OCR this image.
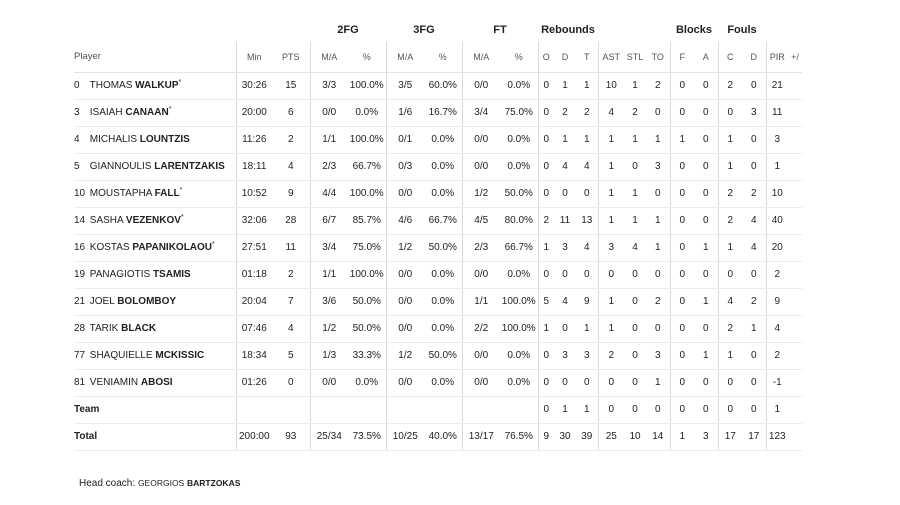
			2FG		3FG		FT		Rebounds						Blocks		Fouls			
Player	Min	PTS	M/A	%	M/A	%	M/A	%	O	D	T	AST	STL	TO	F	A	C	D	PIR	+/
0 THOMAS WALKUP*	30:26	15	3/3	100.0%	3/5	60.0%	0/0	0.0%	0	1	1	10	1	2	0	0	2	0	21	
3 ISAIAH CANAAN*	20:00	6	0/0	0.0%	1/6	16.7%	3/4	75.0%	0	2	2	4	2	0	0	0	0	3	11	
4 MICHALIS LOUNTZIS	11:26	2	1/1	100.0%	0/1	0.0%	0/0	0.0%	0	1	1	1	1	1	1	0	1	0	3	
5 GIANNOULIS LARENTZAKIS	18:11	4	2/3	66.7%	0/3	0.0%	0/0	0.0%	0	4	4	1	0	3	0	0	1	0	1	
10 MOUSTAPHA FALL*	10:52	9	4/4	100.0%	0/0	0.0%	1/2	50.0%	0	0	0	1	1	0	0	0	2	2	10	
14 SASHA VEZENKOV*	32:06	28	6/7	85.7%	4/6	66.7%	4/5	80.0%	2	11	13	1	1	1	0	0	2	4	40	
16 KOSTAS PAPANIKOLAOU*	27:51	11	3/4	75.0%	1/2	50.0%	2/3	66.7%	1	3	4	3	4	1	0	1	1	4	20	
19 PANAGIOTIS TSAMIS	01:18	2	1/1	100.0%	0/0	0.0%	0/0	0.0%	0	0	0	0	0	0	0	0	0	0	2	
21 JOEL BOLOMBOY	20:04	7	3/6	50.0%	0/0	0.0%	1/1	100.0%	5	4	9	1	0	2	0	1	4	2	9	
28 TARIK BLACK	07:46	4	1/2	50.0%	0/0	0.0%	2/2	100.0%	1	0	1	1	0	0	0	0	2	1	4	
77 SHAQUIELLE MCKISSIC	18:34	5	1/3	33.3%	1/2	50.0%	0/0	0.0%	0	3	3	2	0	3	0	1	1	0	2	
81 VENIAMIN ABOSI	01:26	0	0/0	0.0%	0/0	0.0%	0/0	0.0%	0	0	0	0	0	1	0	0	0	0	-1	
Team									0	1	1	0	0	0	0	0	0	0	1	
Total	200:00	93	25/34	73.5%	10/25	40.0%	13/17	76.5%	9	30	39	25	10	14	1	3	17	17	123	
Head coach: GEORGIOS BARTZOKAS
